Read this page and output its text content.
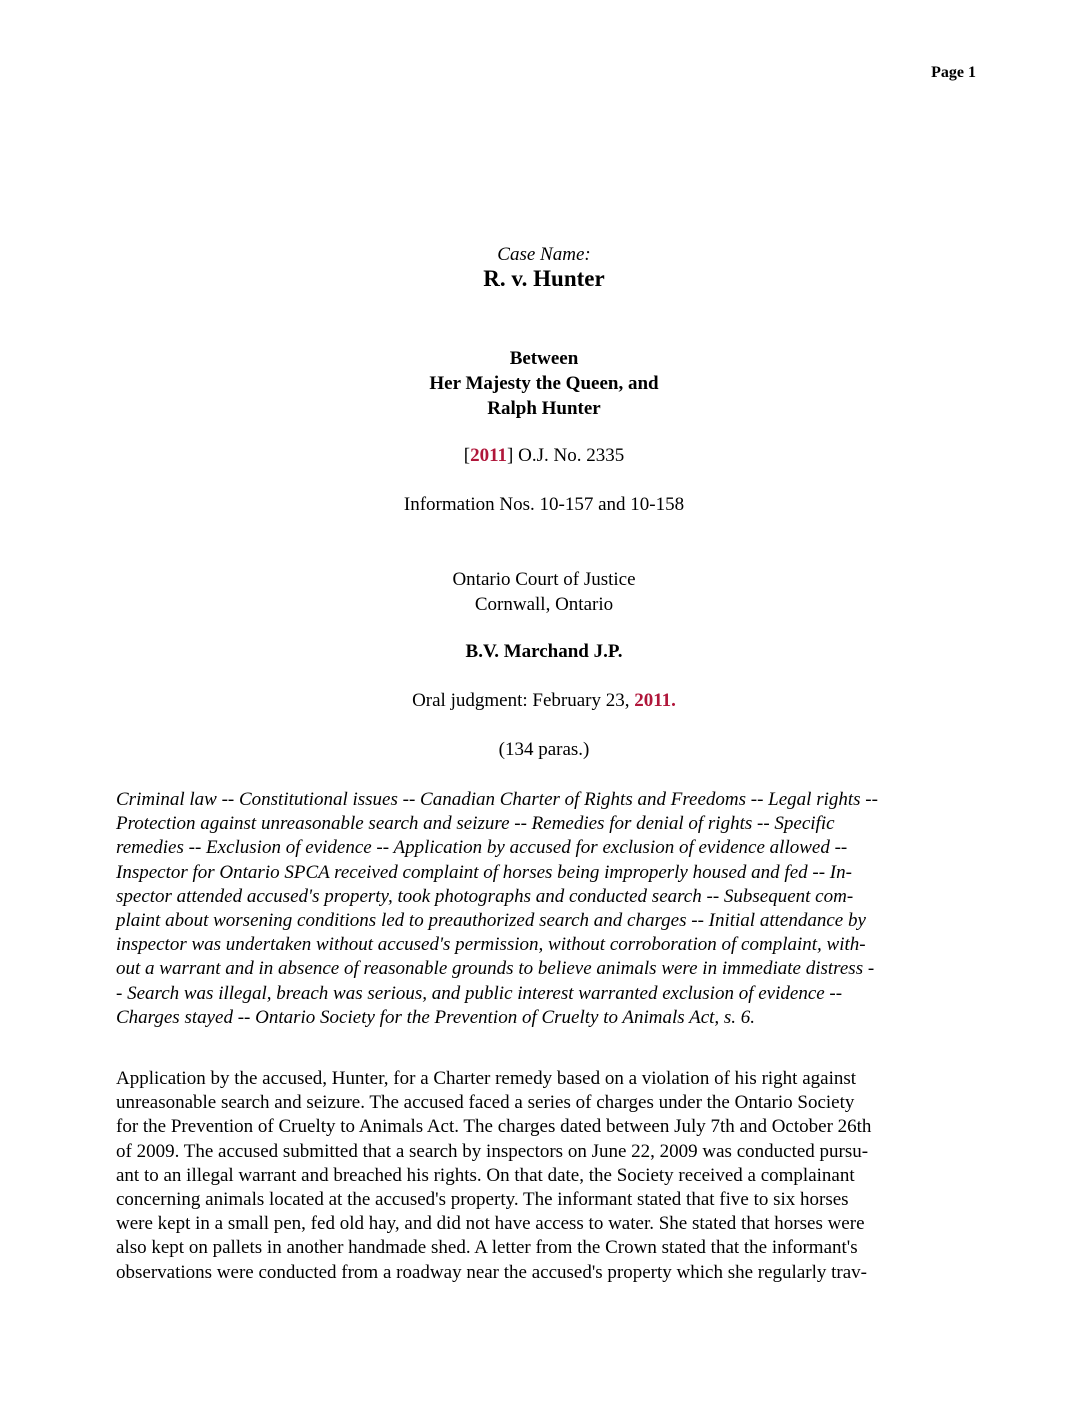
Page 1
Case Name:
R. v. Hunter
Between
Her Majesty the Queen, and
Ralph Hunter
[2011] O.J. No. 2335
Information Nos. 10-157 and 10-158
Ontario Court of Justice
Cornwall, Ontario
B.V. Marchand J.P.
Oral judgment: February 23, 2011.
(134 paras.)

Criminal law -- Constitutional issues -- Canadian Charter of Rights and Freedoms -- Legal rights --
Protection against unreasonable search and seizure -- Remedies for denial of rights -- Specific
remedies -- Exclusion of evidence -- Application by accused for exclusion of evidence allowed --
Inspector for Ontario SPCA received complaint of horses being improperly housed and fed -- In-
spector attended accused's property, took photographs and conducted search -- Subsequent com-
plaint about worsening conditions led to preauthorized search and charges -- Initial attendance by
inspector was undertaken without accused's permission, without corroboration of complaint, with-
out a warrant and in absence of reasonable grounds to believe animals were in immediate distress -
- Search was illegal, breach was serious, and public interest warranted exclusion of evidence --
Charges stayed -- Ontario Society for the Prevention of Cruelty to Animals Act, s. 6.

Application by the accused, Hunter, for a Charter remedy based on a violation of his right against
unreasonable search and seizure. The accused faced a series of charges under the Ontario Society
for the Prevention of Cruelty to Animals Act. The charges dated between July 7th and October 26th
of 2009. The accused submitted that a search by inspectors on June 22, 2009 was conducted pursu-
ant to an illegal warrant and breached his rights. On that date, the Society received a complainant
concerning animals located at the accused's property. The informant stated that five to six horses
were kept in a small pen, fed old hay, and did not have access to water. She stated that horses were
also kept on pallets in another handmade shed. A letter from the Crown stated that the informant's
observations were conducted from a roadway near the accused's property which she regularly trav-
